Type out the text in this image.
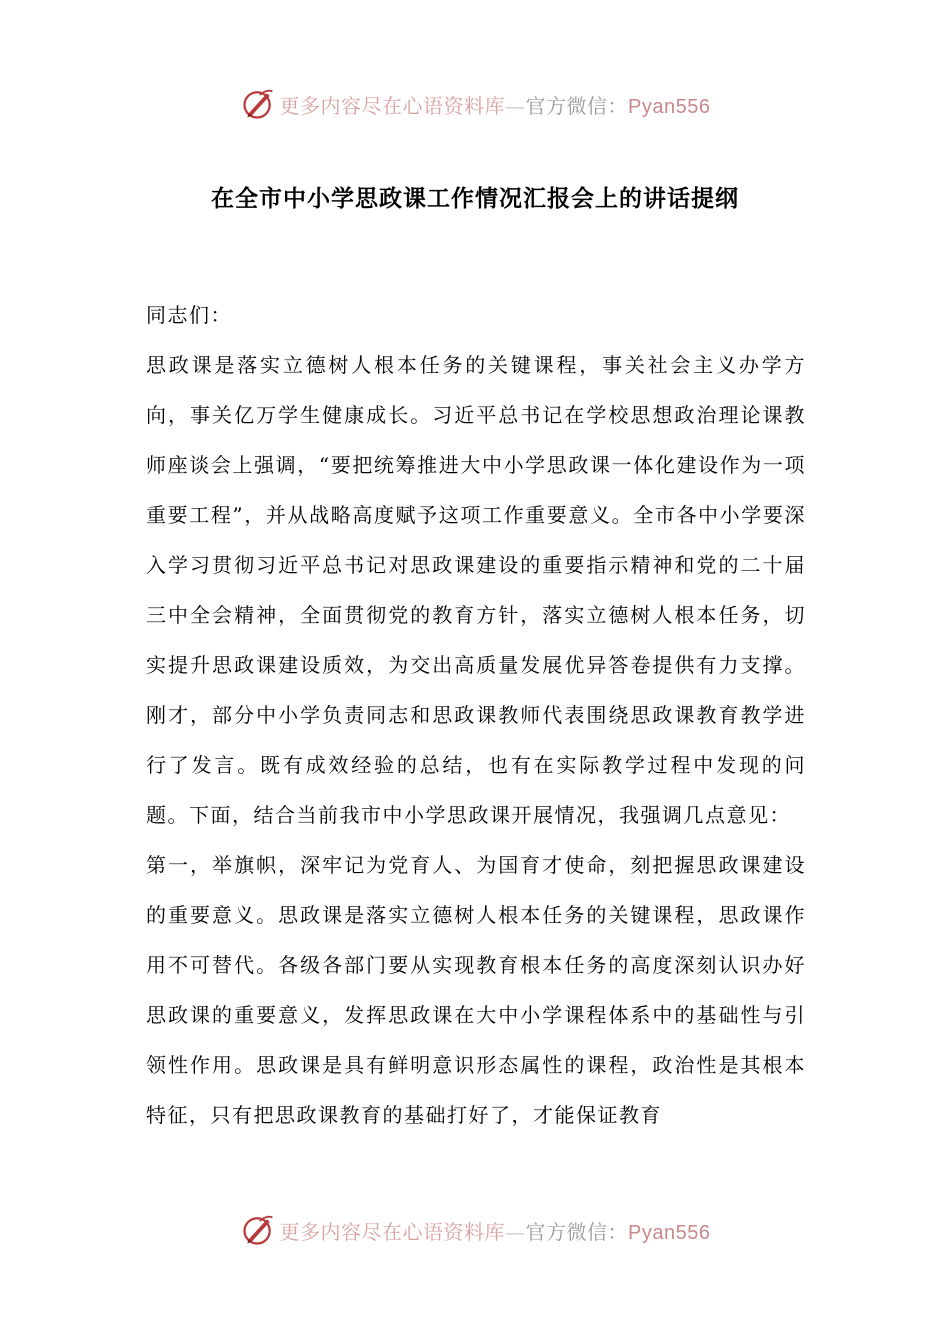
更多内容尽在心语资料库—官方微信：Pyan556
在全市中小学思政课工作情况汇报会上的讲话提纲

同志们：

思政课是落实立德树人根本任务的关键课程，事关社会主义办学方向，事关亿万学生健康成长。习近平总书记在学校思想政治理论课教师座谈会上强调，“要把统筹推进大中小学思政课一体化建设作为一项重要工程”，并从战略高度赋予这项工作重要意义。全市各中小学要深入学习贯彻习近平总书记对思政课建设的重要指示精神和党的二十届三中全会精神，全面贯彻党的教育方针，落实立德树人根本任务，切实提升思政课建设质效，为交出高质量发展优异答卷提供有力支撑。刚才，部分中小学负责同志和思政课教师代表围绕思政课教育教学进行了发言。既有成效经验的总结，也有在实际教学过程中发现的问题。下面，结合当前我市中小学思政课开展情况，我强调几点意见：

第一，举旗帜，深牢记为党育人、为国育才使命，刻把握思政课建设的重要意义。思政课是落实立德树人根本任务的关键课程，思政课作用不可替代。各级各部门要从实现教育根本任务的高度深刻认识办好思政课的重要意义，发挥思政课在大中小学课程体系中的基础性与引领性作用。思政课是具有鲜明意识形态属性的课程，政治性是其根本特征，只有把思政课教育的基础打好了，才能保证教育

更多内容尽在心语资料库—官方微信：Pyan556
